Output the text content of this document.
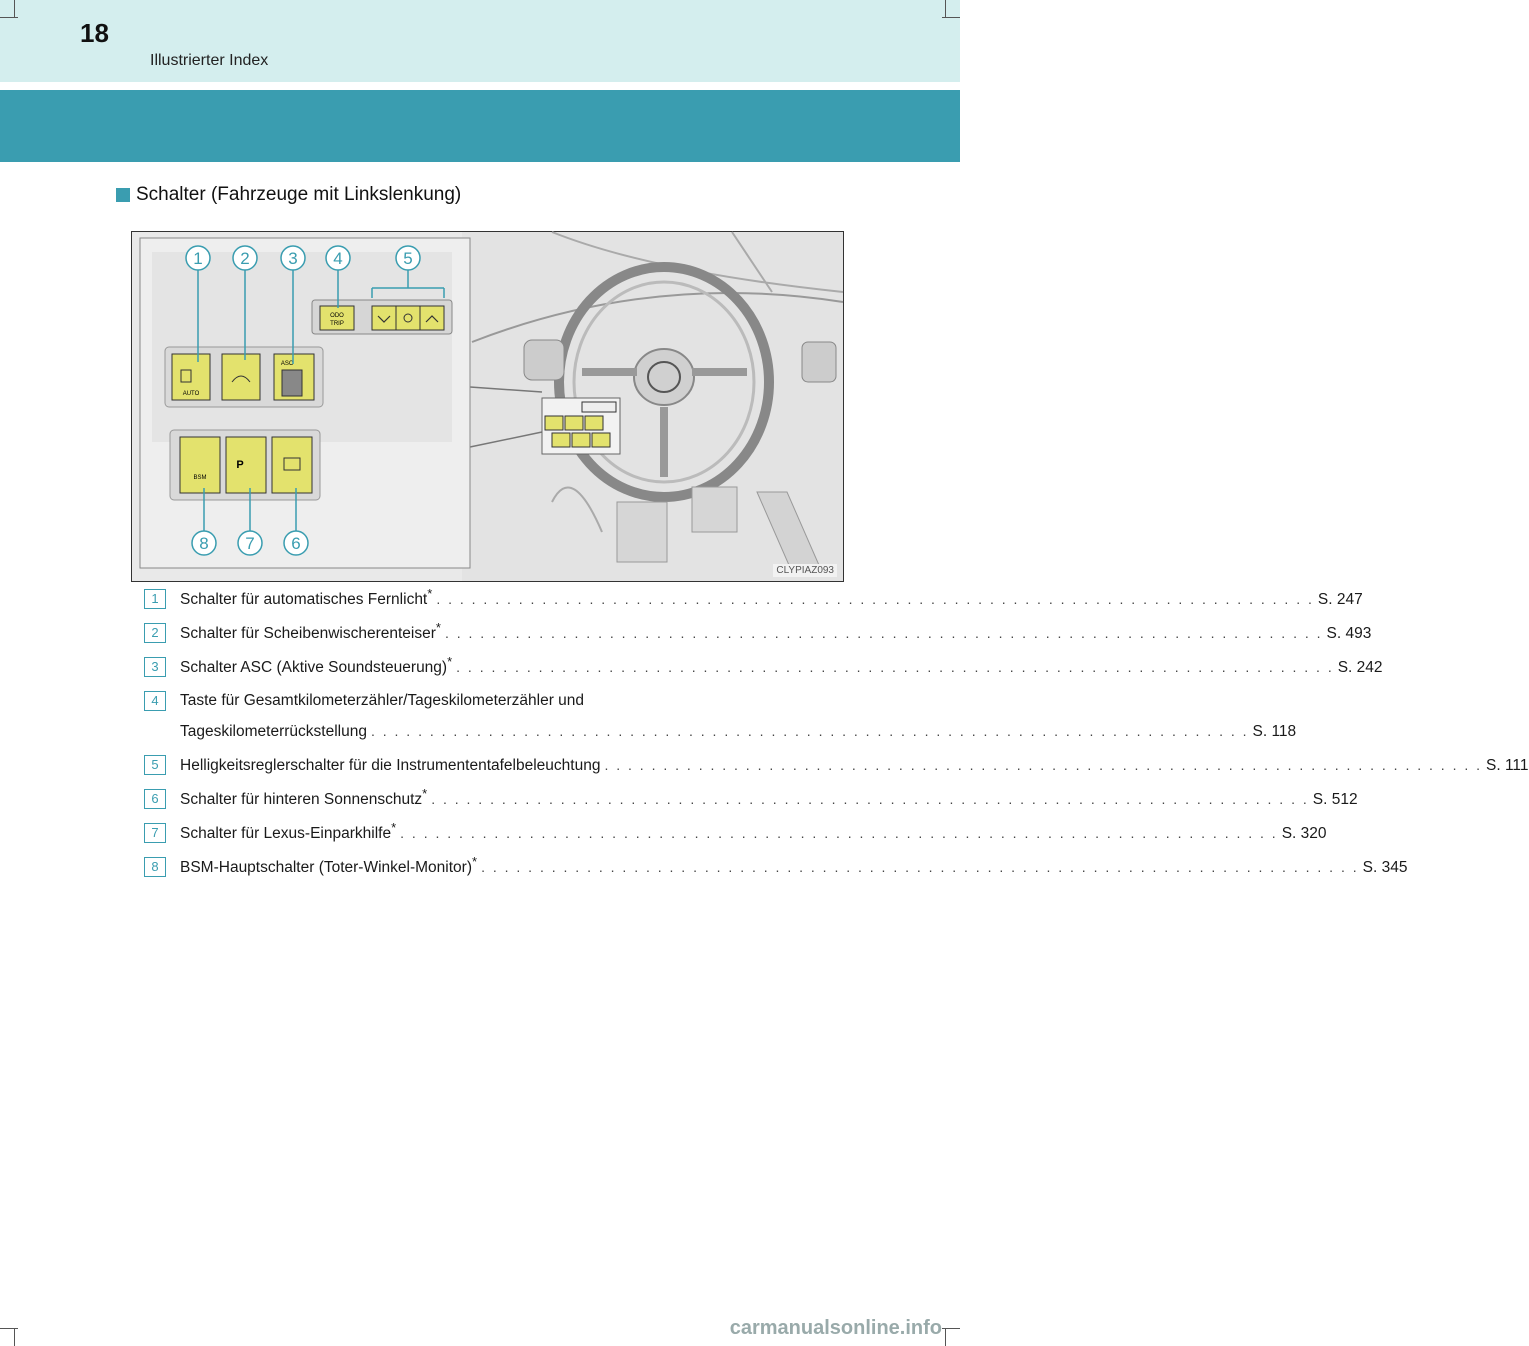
18
Illustrierter Index
Schalter (Fahrzeuge mit Linkslenkung)
ODO
TRIP
AUTO
ASC
BSM
P
1 2 3 4	5
8 7 6
CLYPIAZ093
1	Schalter für automatisches Fernlicht* . . .	S. 247
2	Schalter für Scheibenwischerenteiser* . . .	S. 493
3	Schalter ASC (Aktive Soundsteuerung)* . . .	S. 242
4	Taste für Gesamtkilometerzähler/Tageskilometerzähler und
Tageskilometerrückstellung . . .	S. 118
5	Helligkeitsreglerschalter für die Instrumententafelbeleuchtung . . .	S. 111
6	Schalter für hinteren Sonnenschutz* . . .	S. 512
7	Schalter für Lexus-Einparkhilfe* . . .	S. 320
8	BSM-Hauptschalter (Toter-Winkel-Monitor)* . . .	S. 345
carmanualsonline.info
